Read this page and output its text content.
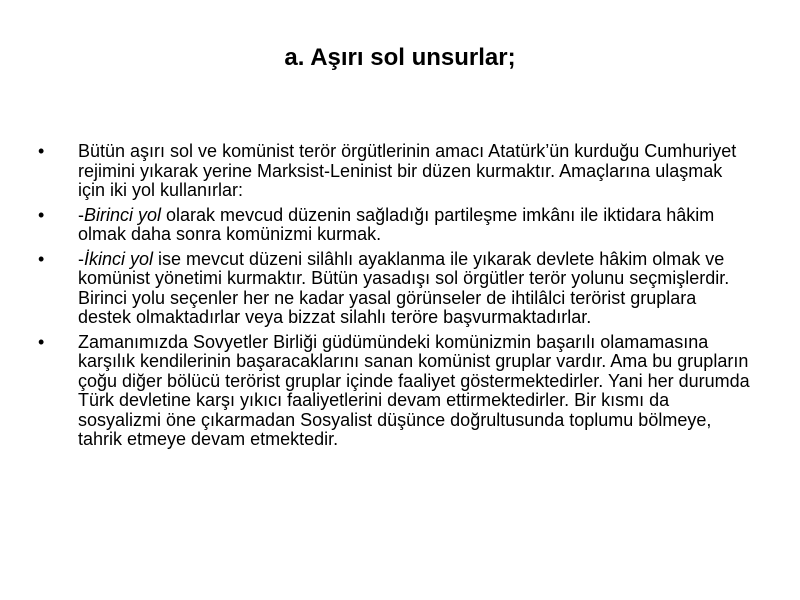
a. Aşırı sol unsurlar;
•	Bütün aşırı sol ve komünist terör örgütlerinin amacı Atatürk’ün kurduğu Cumhuriyet rejimini yıkarak yerine Marksist-Leninist bir düzen kurmaktır. Amaçlarına ulaşmak için iki yol kullanırlar:
•	-Birinci yol olarak mevcud düzenin sağladığı partileşme imkânı ile iktidara hâkim olmak daha sonra komünizmi kurmak.
•	-İkinci yol ise mevcut düzeni silâhlı ayaklanma ile yıkarak devlete hâkim olmak ve komünist yönetimi kurmaktır. Bütün yasadışı sol örgütler terör yolunu seçmişlerdir. Birinci yolu seçenler her ne kadar yasal görünseler de ihtilâlci terörist gruplara destek olmaktadırlar veya bizzat silahlı teröre başvurmaktadırlar.
•	Zamanımızda Sovyetler Birliği güdümündeki komünizmin başarılı olamamasına karşılık kendilerinin başaracaklarını sanan komünist gruplar vardır. Ama bu grupların çoğu diğer bölücü terörist gruplar içinde faaliyet göstermektedirler. Yani her durumda Türk devletine karşı yıkıcı faaliyetlerini devam ettirmektedirler. Bir kısmı da sosyalizmi öne çıkarmadan Sosyalist düşünce doğrultusunda toplumu bölmeye, tahrik etmeye devam etmektedir.
